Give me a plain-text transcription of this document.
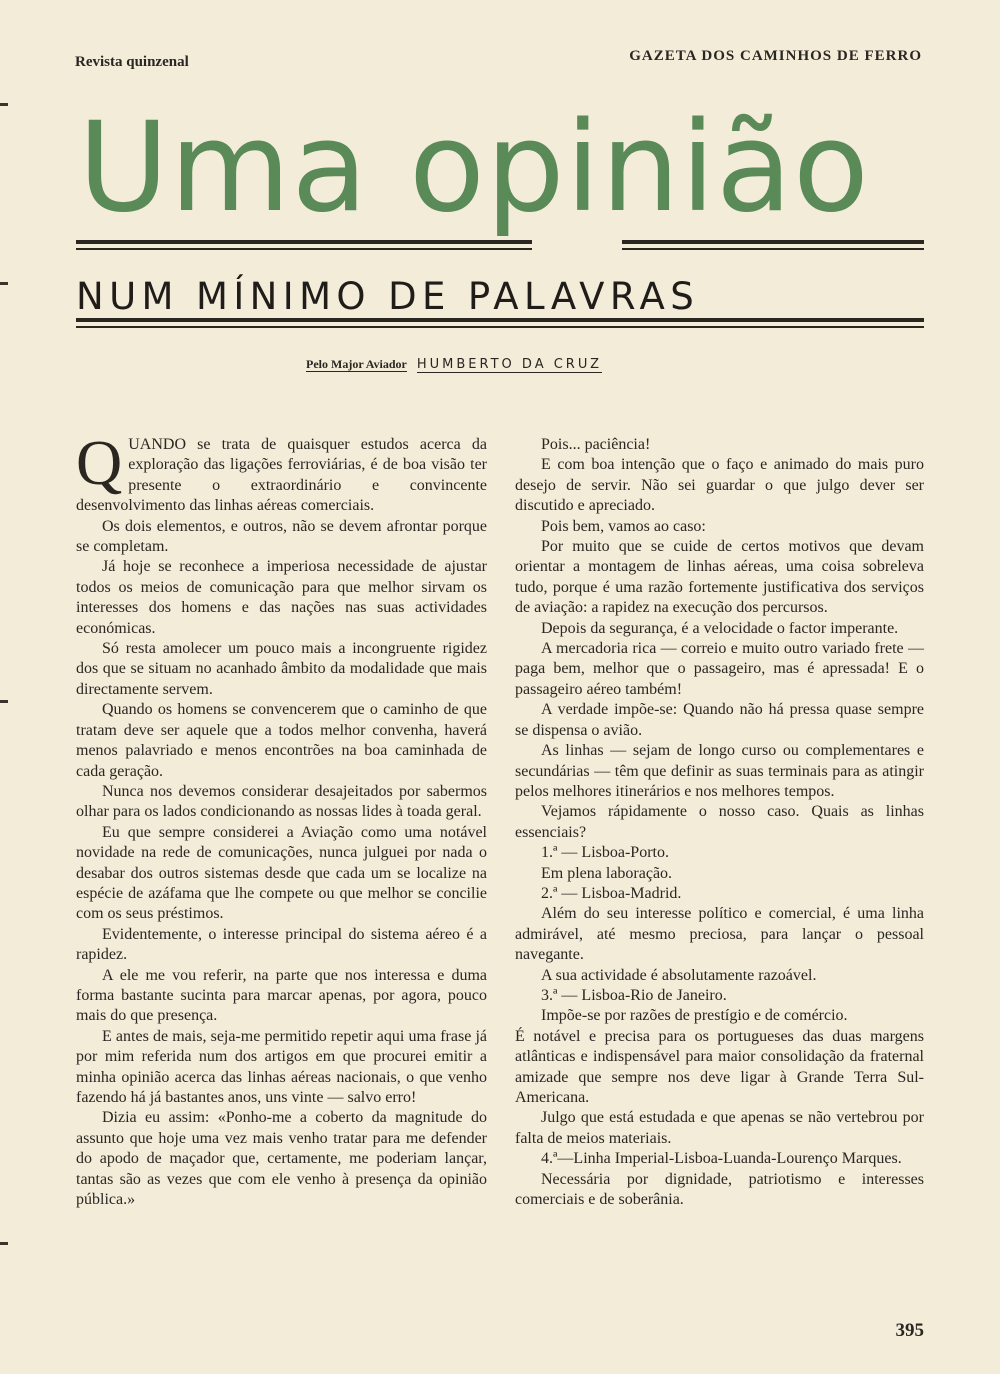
Revista quinzenal	GAZETA DOS CAMINHOS DE FERRO
Uma opinião
NUM MÍNIMO DE PALAVRAS
Pelo Major Aviador HUMBERTO DA CRUZ

QUANDO se trata de quaisquer estudos acerca da exploração das ligações ferroviárias, é de boa visão ter presente o extraordinário e convincente desenvolvimento das linhas aéreas comerciais.

Os dois elementos, e outros, não se devem afrontar porque se completam.

Já hoje se reconhece a imperiosa necessidade de ajustar todos os meios de comunicação para que melhor sirvam os interesses dos homens e das nações nas suas actividades económicas.

Só resta amolecer um pouco mais a incongruente rigidez dos que se situam no acanhado âmbito da modalidade que mais directamente servem.

Quando os homens se convencerem que o caminho de que tratam deve ser aquele que a todos melhor convenha, haverá menos palavriado e menos encontrões na boa caminhada de cada geração.

Nunca nos devemos considerar desajeitados por sabermos olhar para os lados condicionando as nossas lides à toada geral.

Eu que sempre considerei a Aviação como uma notável novidade na rede de comunicações, nunca julguei por nada o desabar dos outros sistemas desde que cada um se localize na espécie de azáfama que lhe compete ou que melhor se concilie com os seus préstimos.

Evidentemente, o interesse principal do sistema aéreo é a rapidez.

A ele me vou referir, na parte que nos interessa e duma forma bastante sucinta para marcar apenas, por agora, pouco mais do que presença.

E antes de mais, seja-me permitido repetir aqui uma frase já por mim referida num dos artigos em que procurei emitir a minha opinião acerca das linhas aéreas nacionais, o que venho fazendo há já bastantes anos, uns vinte — salvo erro!

Dizia eu assim: «Ponho-me a coberto da magnitude do assunto que hoje uma vez mais venho tratar para me defender do apodo de maçador que, certamente, me poderiam lançar, tantas são as vezes que com ele venho à presença da opinião pública.»

Pois... paciência!

E com boa intenção que o faço e animado do mais puro desejo de servir. Não sei guardar o que julgo dever ser discutido e apreciado.

Pois bem, vamos ao caso:

Por muito que se cuide de certos motivos que devam orientar a montagem de linhas aéreas, uma coisa sobreleva tudo, porque é uma razão fortemente justificativa dos serviços de aviação: a rapidez na execução dos percursos.

Depois da segurança, é a velocidade o factor imperante.

A mercadoria rica — correio e muito outro variado frete — paga bem, melhor que o passageiro, mas é apressada! E o passageiro aéreo também!

A verdade impõe-se: Quando não há pressa quase sempre se dispensa o avião.

As linhas — sejam de longo curso ou complementares e secundárias — têm que definir as suas terminais para as atingir pelos melhores itinerários e nos melhores tempos.

Vejamos rápidamente o nosso caso. Quais as linhas essenciais?

1.ª — Lisboa-Porto.

Em plena laboração.

2.ª — Lisboa-Madrid.

Além do seu interesse político e comercial, é uma linha admirável, até mesmo preciosa, para lançar o pessoal navegante.

A sua actividade é absolutamente razoável.

3.ª — Lisboa-Rio de Janeiro.

Impõe-se por razões de prestígio e de comércio.

É notável e precisa para os portugueses das duas margens atlânticas e indispensável para maior consolidação da fraternal amizade que sempre nos deve ligar à Grande Terra Sul-Americana.

Julgo que está estudada e que apenas se não vertebrou por falta de meios materiais.

4.ª—Linha Imperial-Lisboa-Luanda-Lourenço Marques.

Necessária por dignidade, patriotismo e interesses comerciais e de soberânia.

395
